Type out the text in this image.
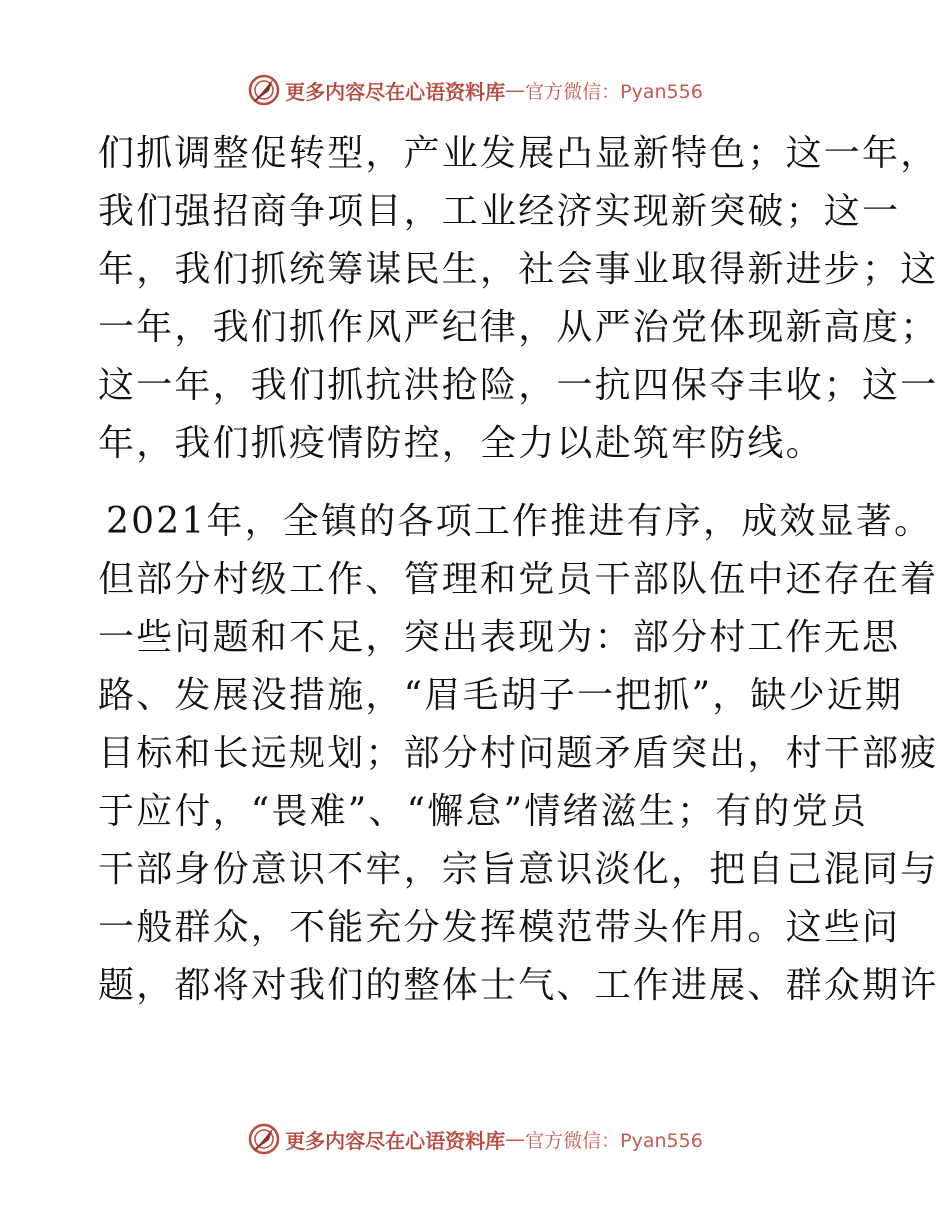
更多内容尽在心语资料库 — 官方微信：Pyan556
们抓调整促转型，产业发展凸显新特色；这一年，
我们强招商争项目，工业经济实现新突破；这一
年，我们抓统筹谋民生，社会事业取得新进步；这
一年，我们抓作风严纪律，从严治党体现新高度；
这一年，我们抓抗洪抢险，一抗四保夺丰收；这一
年，我们抓疫情防控，全力以赴筑牢防线。
2021年，全镇的各项工作推进有序，成效显著。
但部分村级工作、管理和党员干部队伍中还存在着
一些问题和不足，突出表现为：部分村工作无思
路、发展没措施，“眉毛胡子一把抓”，缺少近期
目标和长远规划；部分村问题矛盾突出，村干部疲
于应付，“畏难”、“懈怠”情绪滋生；有的党员
干部身份意识不牢，宗旨意识淡化，把自己混同与
一般群众，不能充分发挥模范带头作用。这些问
题，都将对我们的整体士气、工作进展、群众期许
更多内容尽在心语资料库 — 官方微信：Pyan556
